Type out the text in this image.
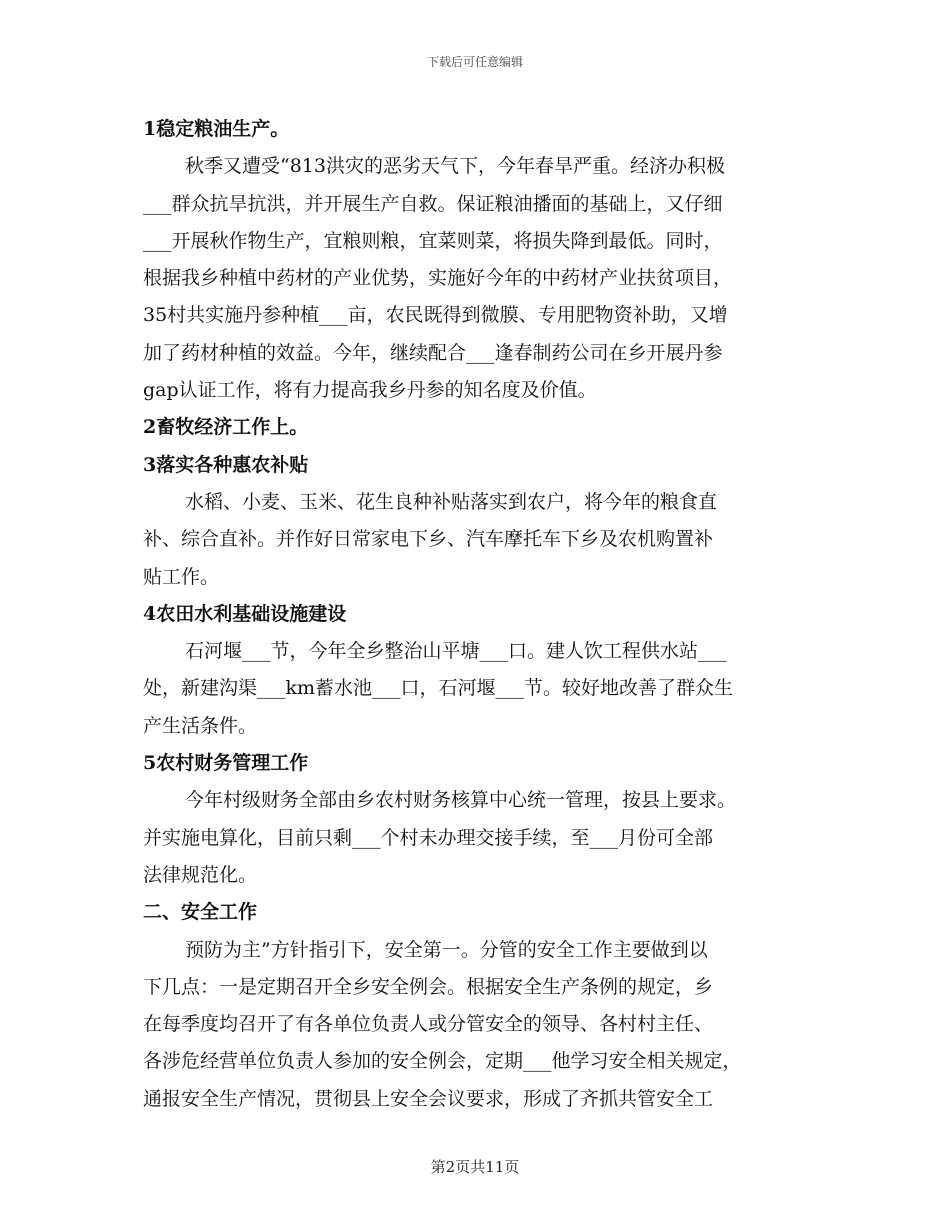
下载后可任意编辑
1稳定粮油生产。
秋季又遭受“813洪灾的恶劣天气下，今年春旱严重。经济办积极
___群众抗旱抗洪，并开展生产自救。保证粮油播面的基础上，又仔细
___开展秋作物生产，宜粮则粮，宜菜则菜，将损失降到最低。同时，
根据我乡种植中药材的产业优势，实施好今年的中药材产业扶贫项目，
35村共实施丹参种植___亩，农民既得到微膜、专用肥物资补助，又增
加了药材种植的效益。今年，继续配合___逢春制药公司在乡开展丹参
gap认证工作，将有力提高我乡丹参的知名度及价值。
2畜牧经济工作上。
3落实各种惠农补贴
水稻、小麦、玉米、花生良种补贴落实到农户，将今年的粮食直
补、综合直补。并作好日常家电下乡、汽车摩托车下乡及农机购置补
贴工作。
4农田水利基础设施建设
石河堰___节，今年全乡整治山平塘___口。建人饮工程供水站___
处，新建沟渠___km蓄水池___口，石河堰___节。较好地改善了群众生
产生活条件。
5农村财务管理工作
今年村级财务全部由乡农村财务核算中心统一管理，按县上要求。
并实施电算化，目前只剩___个村未办理交接手续，至___月份可全部
法律规范化。
二、安全工作
预防为主”方针指引下，安全第一。分管的安全工作主要做到以
下几点：一是定期召开全乡安全例会。根据安全生产条例的规定，乡
在每季度均召开了有各单位负责人或分管安全的领导、各村村主任、
各涉危经营单位负责人参加的安全例会，定期___他学习安全相关规定，
通报安全生产情况，贯彻县上安全会议要求，形成了齐抓共管安全工
第2页共11页
